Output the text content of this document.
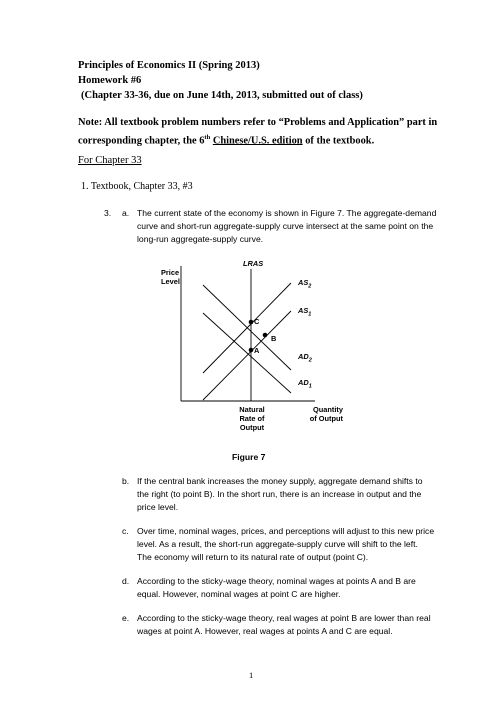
Principles of Economics II (Spring 2013)
Homework #6
(Chapter 33-36, due on June 14th, 2013, submitted out of class)
Note: All textbook problem numbers refer to “Problems and Application” part in
corresponding chapter, the 6th Chinese/U.S. edition of the textbook.
For Chapter 33
1. Textbook, Chapter 33, #3
3. a. The current state of the economy is shown in Figure 7. The aggregate-demand
curve and short-run aggregate-supply curve intersect at the same point on the
long-run aggregate-supply curve.
LRAS
Price
Level	$AS_2$
$AS_1$
$AD_2$
$AD_1$
C
B
A
Natural
Rate of
Output
Quantity
of Output
Figure 7
b. If the central bank increases the money supply, aggregate demand shifts to
the right (to point B). In the short run, there is an increase in output and the
price level.
c. Over time, nominal wages, prices, and perceptions will adjust to this new price
level. As a result, the short-run aggregate-supply curve will shift to the left.
The economy will return to its natural rate of output (point C).
d. According to the sticky-wage theory, nominal wages at points A and B are
equal. However, nominal wages at point C are higher.
e. According to the sticky-wage theory, real wages at point B are lower than real
wages at point A. However, real wages at points A and C are equal.
1
